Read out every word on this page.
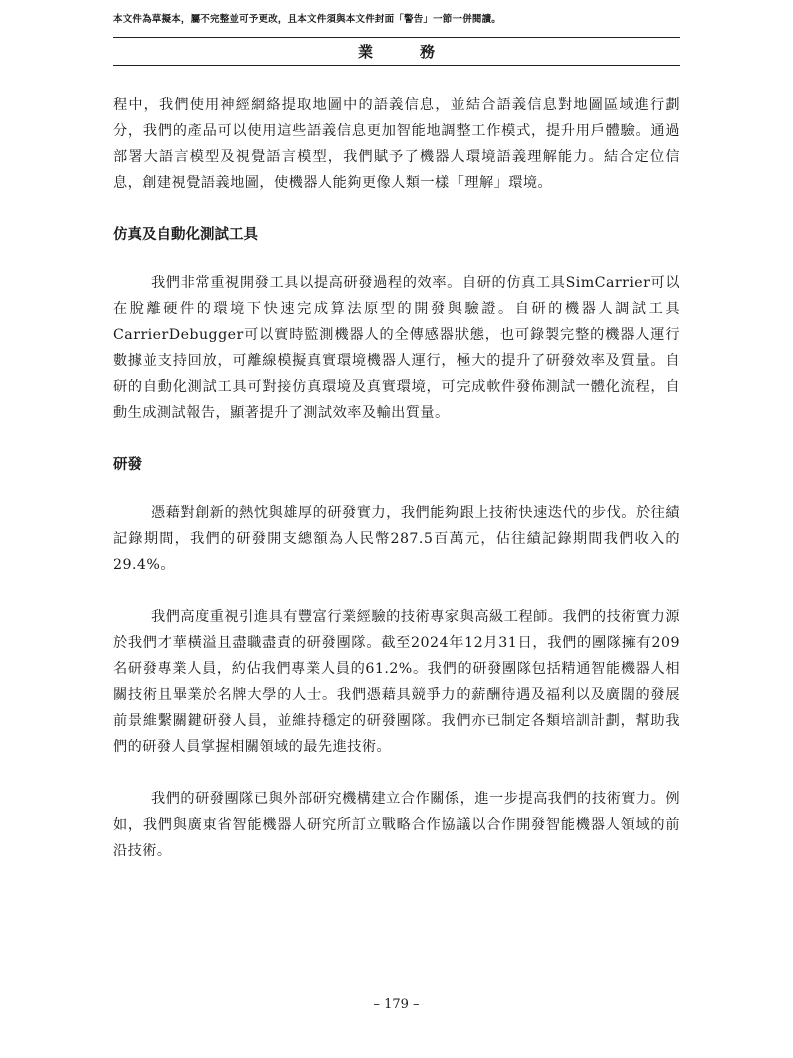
本文件為草擬本，屬不完整並可予更改，且本文件須與本文件封面「警告」一節一併閱讀。
業　務

程中，我們使用神經網絡提取地圖中的語義信息，並結合語義信息對地圖區域進行劃分，我們的產品可以使用這些語義信息更加智能地調整工作模式，提升用戶體驗。通過部署大語言模型及視覺語言模型，我們賦予了機器人環境語義理解能力。結合定位信息，創建視覺語義地圖，使機器人能夠更像人類一樣「理解」環境。

仿真及自動化測試工具

我們非常重視開發工具以提高研發過程的效率。自研的仿真工具SimCarrier可以在脫離硬件的環境下快速完成算法原型的開發與驗證。自研的機器人調試工具CarrierDebugger可以實時監測機器人的全傳感器狀態，也可錄製完整的機器人運行數據並支持回放，可離線模擬真實環境機器人運行，極大的提升了研發效率及質量。自研的自動化測試工具可對接仿真環境及真實環境，可完成軟件發佈測試一體化流程，自動生成測試報告，顯著提升了測試效率及輸出質量。

研發

憑藉對創新的熱忱與雄厚的研發實力，我們能夠跟上技術快速迭代的步伐。於往績記錄期間，我們的研發開支總額為人民幣287.5百萬元，佔往績記錄期間我們收入的29.4%。

我們高度重視引進具有豐富行業經驗的技術專家與高級工程師。我們的技術實力源於我們才華橫溢且盡職盡責的研發團隊。截至2024年12月31日，我們的團隊擁有209名研發專業人員，約佔我們專業人員的61.2%。我們的研發團隊包括精通智能機器人相關技術且畢業於名牌大學的人士。我們憑藉具競爭力的薪酬待遇及福利以及廣闊的發展前景維繫關鍵研發人員，並維持穩定的研發團隊。我們亦已制定各類培訓計劃，幫助我們的研發人員掌握相關領域的最先進技術。

我們的研發團隊已與外部研究機構建立合作關係，進一步提高我們的技術實力。例如，我們與廣東省智能機器人研究所訂立戰略合作協議以合作開發智能機器人領域的前沿技術。

– 179 –
